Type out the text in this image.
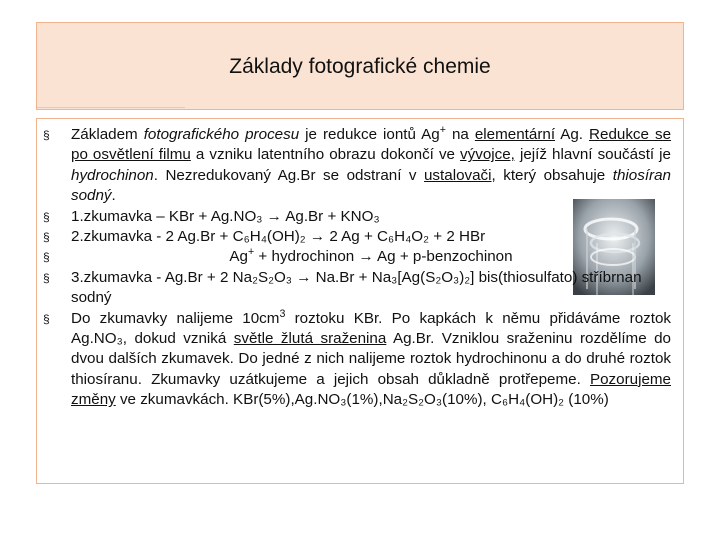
Základy fotografické chemie
§ Základem fotografického procesu je redukce iontů Ag+ na elementární Ag. Redukce se po osvětlení filmu a vzniku latentního obrazu dokončí ve vývojce, jejíž hlavní součástí je hydrochinon. Nezredukovaný Ag.Br se odstraní v ustalovači, který obsahuje thiosíran sodný.
§ 1.zkumavka – KBr + Ag.NO₃ → Ag.Br + KNO₃
§ 2.zkumavka - 2 Ag.Br + C₆H₄(OH)₂ → 2 Ag + C₆H₄O₂ + 2 HBr
§	Ag+ + hydrochinon → Ag + p-benzochinon
§ 3.zkumavka - Ag.Br + 2 Na₂S₂O₃ → Na.Br + Na₃[Ag(S₂O₃)₂] bis(thiosulfato) stříbrnan sodný
§ Do zkumavky nalijeme $10cm^3$ roztoku KBr. Po kapkách k němu přidáváme roztok Ag.NO₃, dokud vzniká světle žlutá sraženina Ag.Br. Vzniklou sraženinu rozdělíme do dvou dalších zkumavek. Do jedné z nich nalijeme roztok hydrochinonu a do druhé roztok thiosíranu. Zkumavky uzátkujeme a jejich obsah důkladně protřepeme. Pozorujeme změny ve zkumavkách. KBr(5%),Ag.NO₃(1%),Na₂S₂O₃(10%), C₆H₄(OH)₂ (10%)
